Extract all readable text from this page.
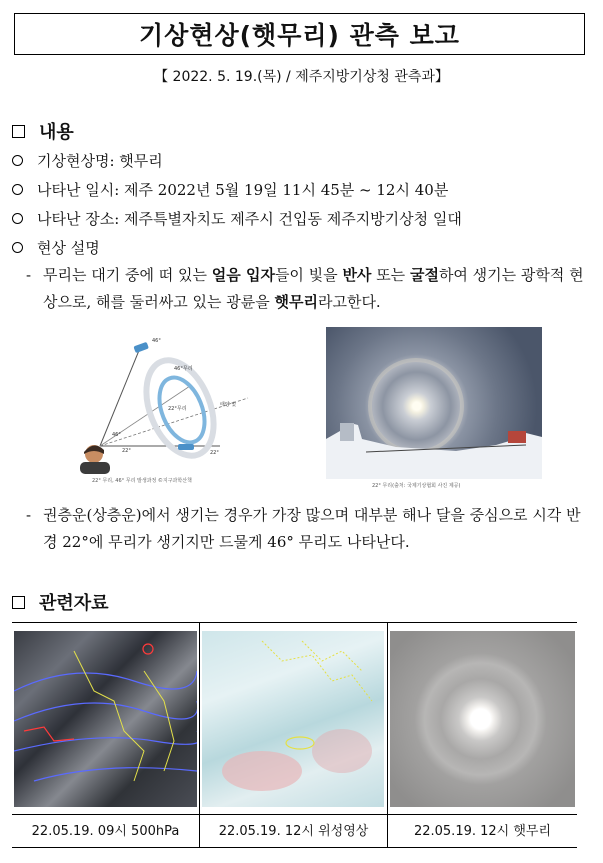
기상현상(햇무리) 관측 보고
【 2022. 5. 19.(목) / 제주지방기상청 관측과】
내용
기상현상명: 햇무리
나타난 일시: 제주 2022년 5월 19일 11시 45분 ~ 12시 40분
나타난 장소: 제주특별자치도 제주시 건입동 제주지방기상청 일대
현상 설명
- 무리는 대기 중에 떠 있는 얼음 입자들이 빛을 반사 또는 굴절하여 생기는 광학적 현상으로, 해를 둘러싸고 있는 광륜을 햇무리라고한다.
46°
46°무리
22°무리
태양 빛
46°
22°	22°
22° 무리, 46° 무리 발생과정 ©지구과학산책
22° 무리(출처: 국제기상협회 사진 제공)
- 권층운(상층운)에서 생기는 경우가 가장 많으며 대부분 해나 달을 중심으로 시각 반경 22°에 무리가 생기지만 드물게 46° 무리도 나타난다.
관련자료
22.05.19. 09시 500hPa	22.05.19. 12시 위성영상	22.05.19. 12시 햇무리
